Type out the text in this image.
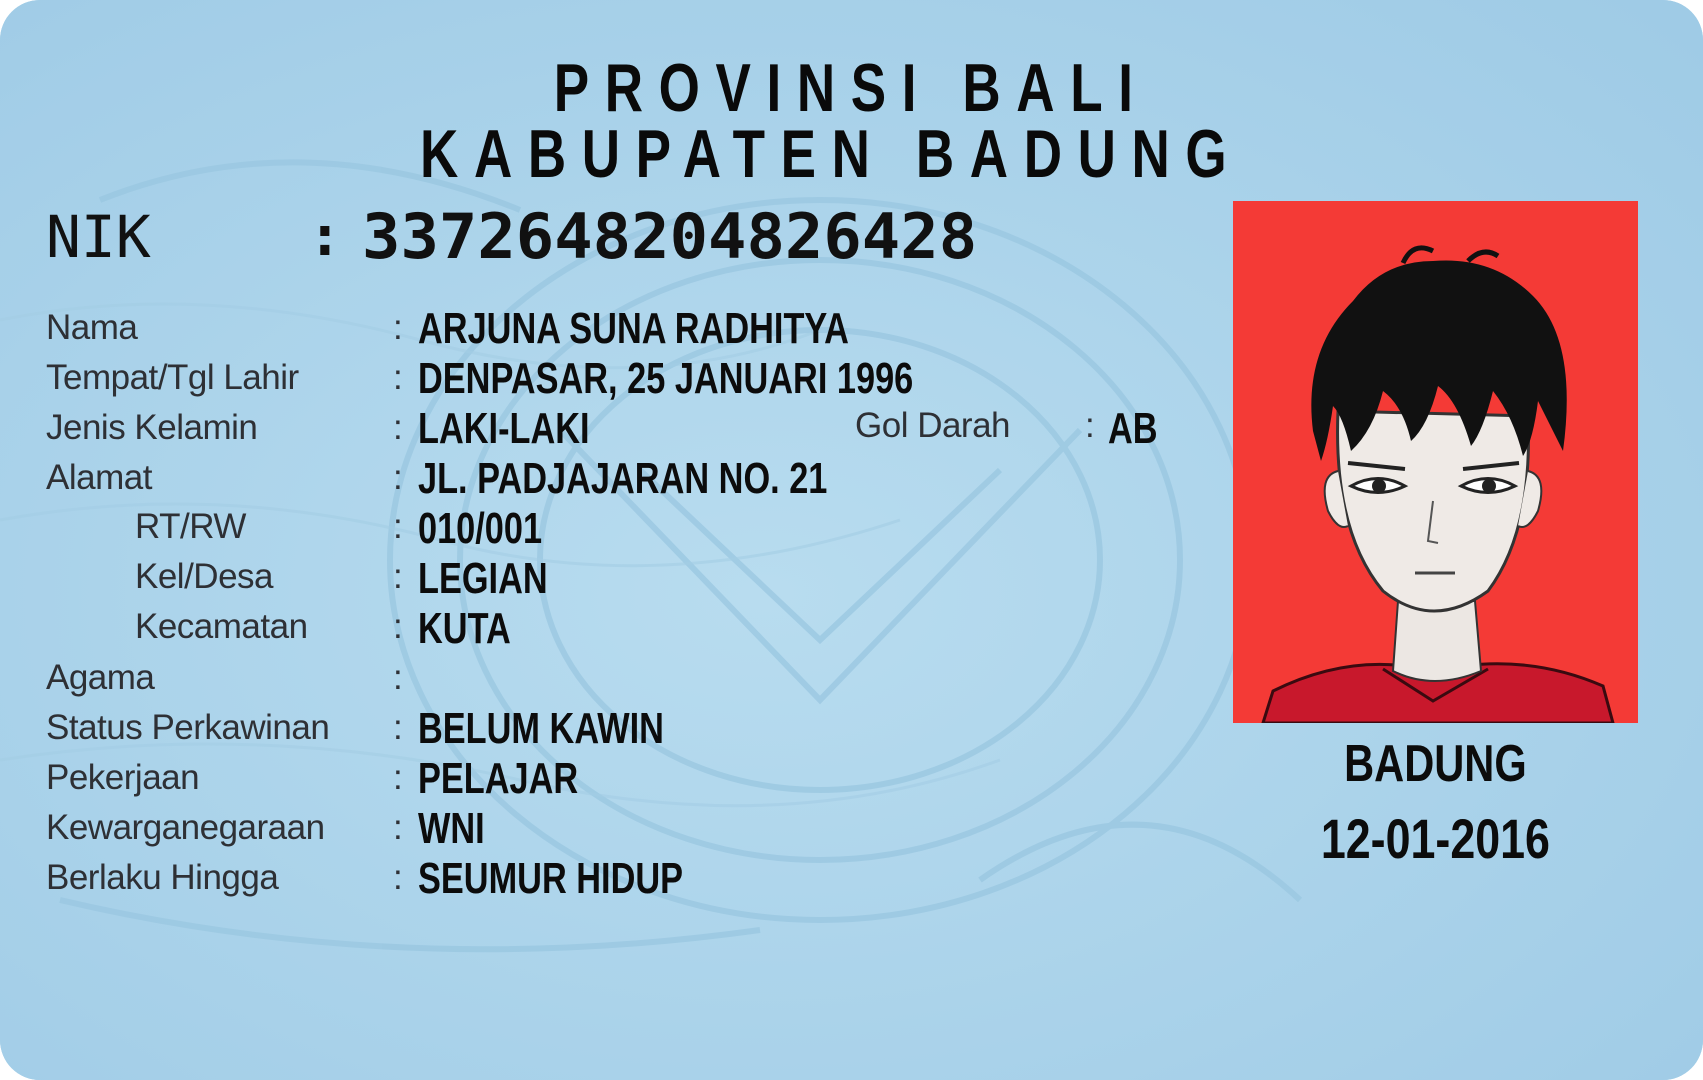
PROVINSI BALI
KABUPATEN BADUNG
NIK	: 3372648204826428
Nama	: ARJUNA SUNA RADHITYA
Tempat/Tgl Lahir	: DENPASAR, 25 JANUARI 1996
Jenis Kelamin	: LAKI-LAKI	Gol Darah	: AB
Alamat	: JL. PADJAJARAN NO. 21
RT/RW	: 010/001
Kel/Desa	: LEGIAN
Kecamatan	: KUTA
Agama	:
Status Perkawinan	: BELUM KAWIN
Pekerjaan	: PELAJAR
Kewarganegaraan	: WNI
Berlaku Hingga	: SEUMUR HIDUP
BADUNG
12-01-2016
